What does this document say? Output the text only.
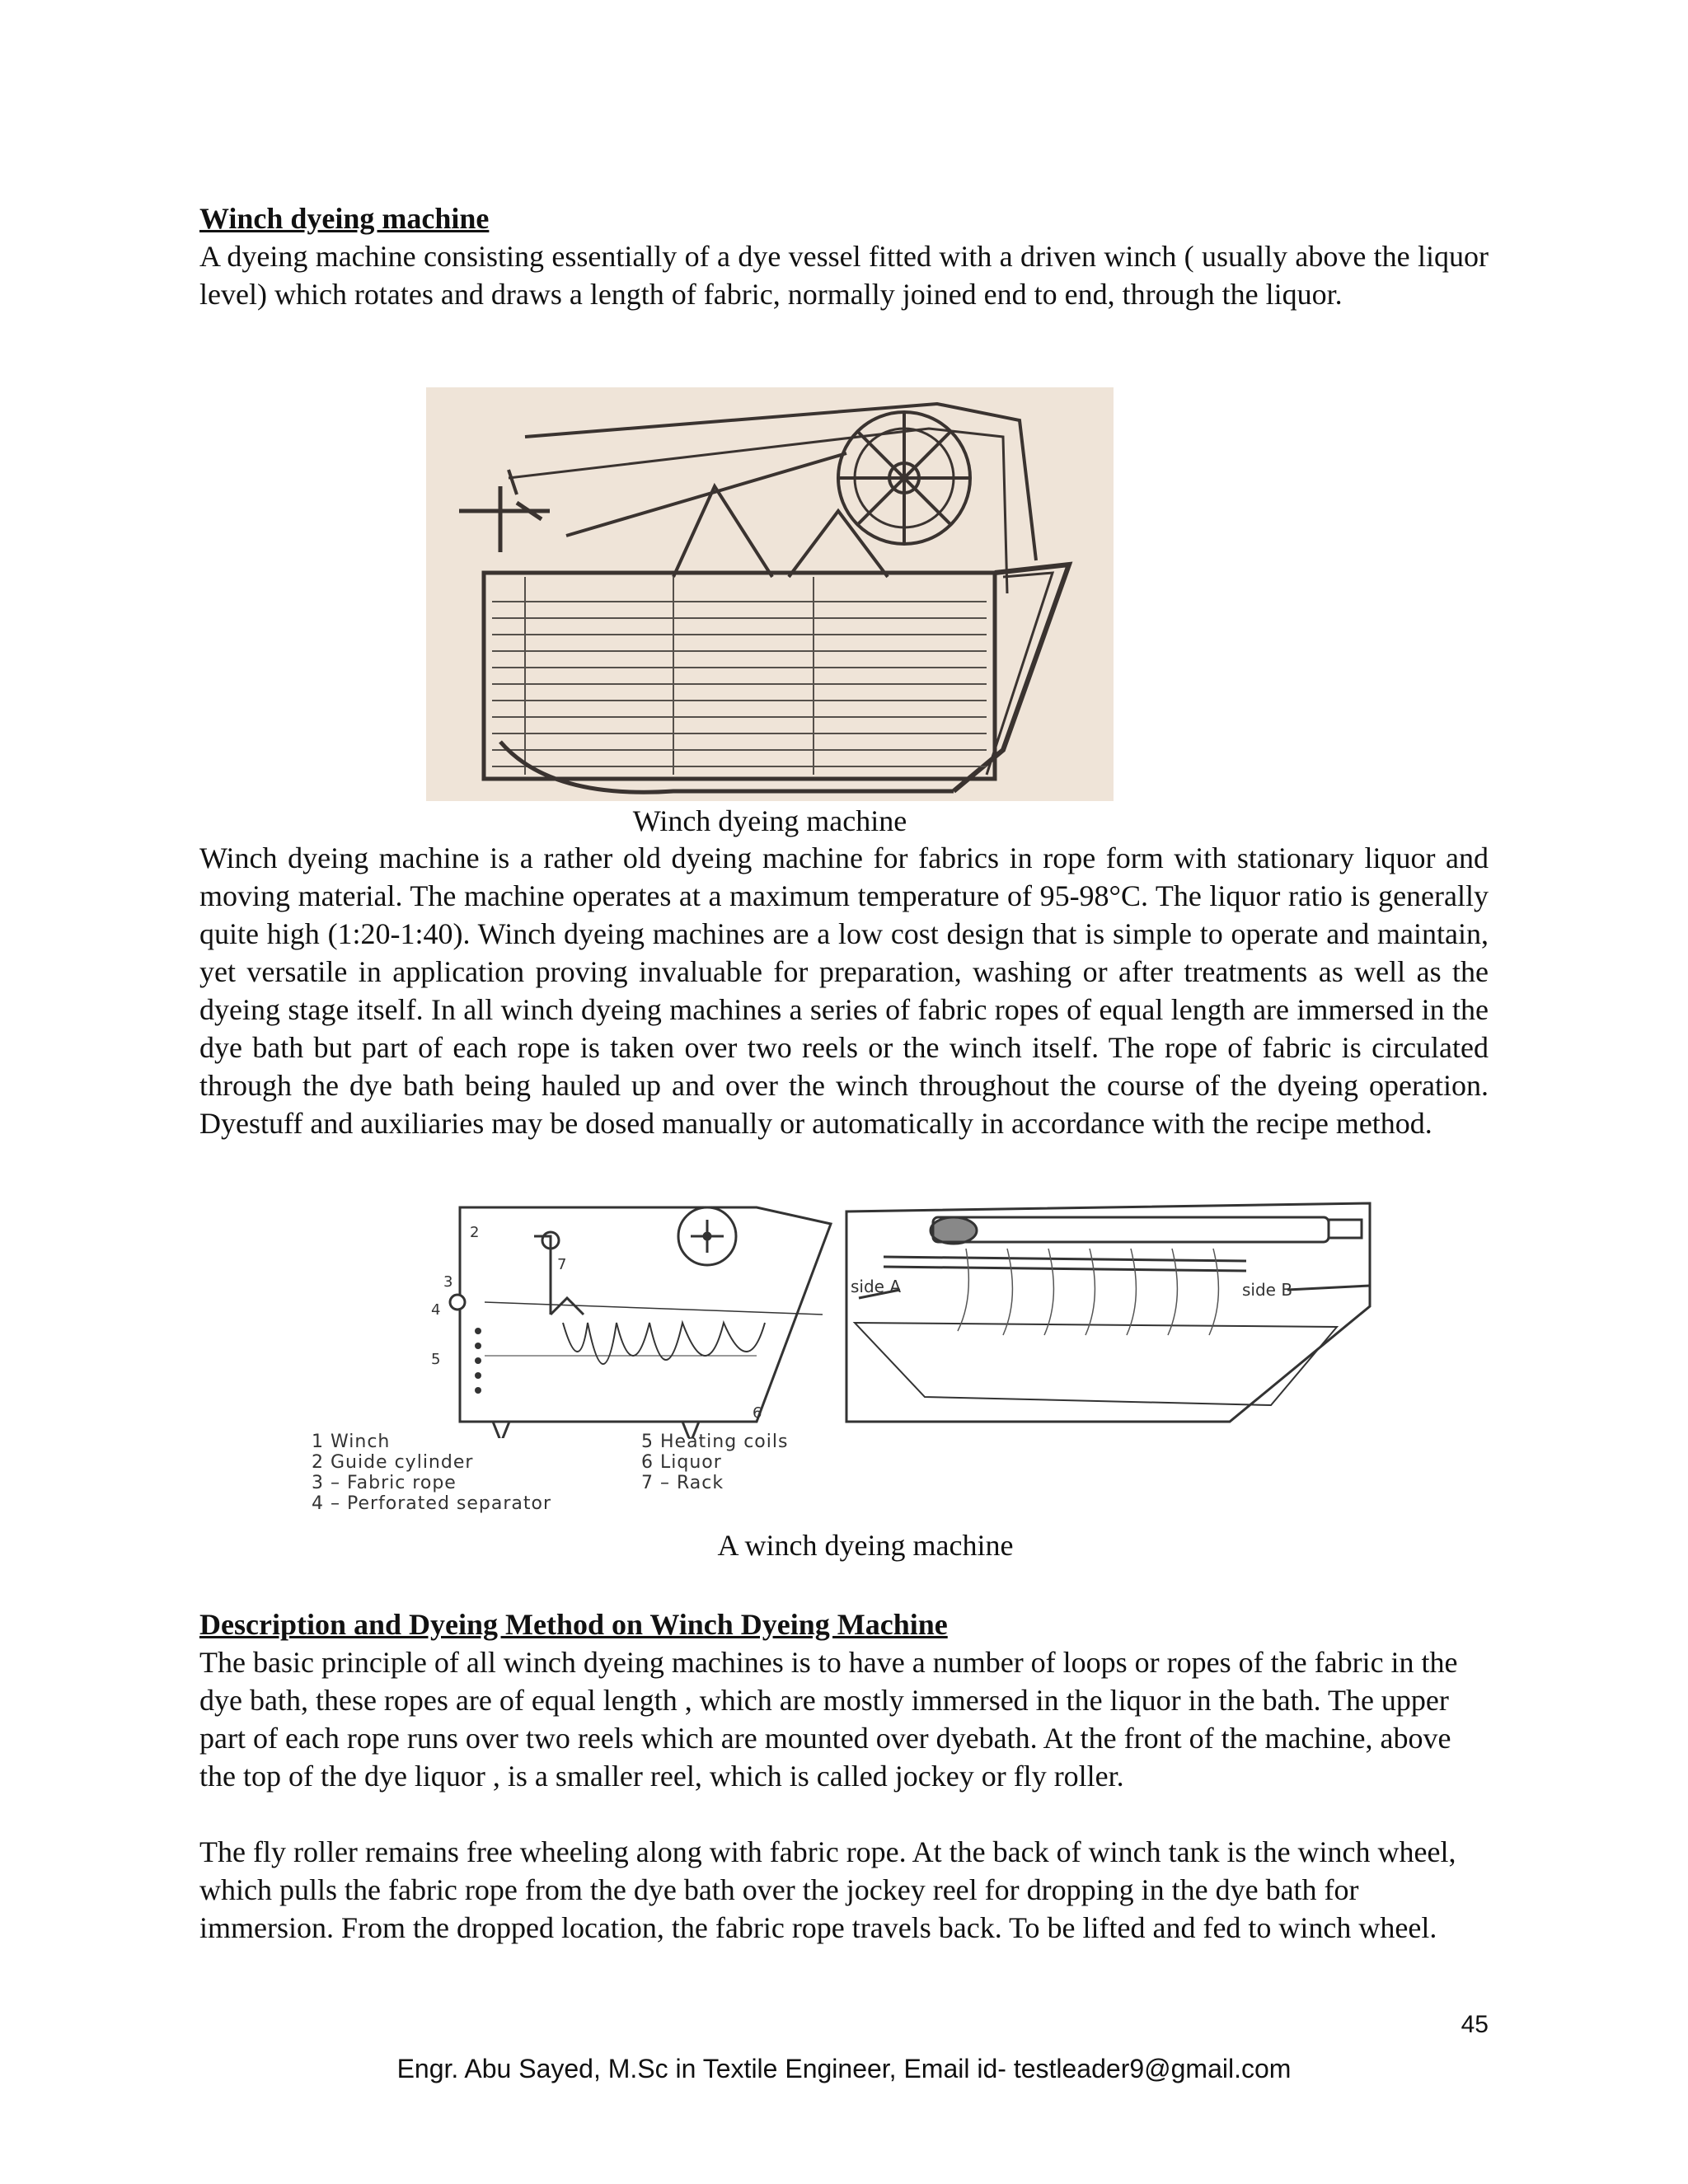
Winch dyeing machine

A dyeing machine consisting essentially of a dye vessel fitted with a driven winch ( usually above the liquor level) which rotates and draws a length of fabric, normally joined end to end, through the liquor.

Winch dyeing machine

Winch dyeing machine is a rather old dyeing machine for fabrics in rope form with stationary liquor and moving material. The machine operates at a maximum temperature of 95-98°C. The liquor ratio is generally quite high (1:20-1:40). Winch dyeing machines are a low cost design that is simple to operate and maintain, yet versatile in application proving invaluable for preparation, washing or after treatments as well as the dyeing stage itself. In all winch dyeing machines a series of fabric ropes of equal length are immersed in the dye bath but part of each rope is taken over two reels or the winch itself. The rope of fabric is circulated through the dye bath being hauled up and over the winch throughout the course of the dyeing operation. Dyestuff and auxiliaries may be dosed manually or automatically in accordance with the recipe method.

2
3
4
5
7
6
side A	side B
1 Winch
2 Guide cylinder
3 – Fabric rope
4 – Perforated separator
5 Heating coils
6 Liquor
7 – Rack

A winch dyeing machine

Description and Dyeing Method on Winch Dyeing Machine

The basic principle of all winch dyeing machines is to have a number of loops or ropes of the fabric in the dye bath, these ropes are of equal length , which are mostly immersed in the liquor in the bath. The upper part of each rope runs over two reels which are mounted over dyebath. At the front of the machine, above the top of the dye liquor , is a smaller reel, which is called jockey or fly roller.

The fly roller remains free wheeling along with fabric rope. At the back of winch tank is the winch wheel, which pulls the fabric rope from the dye bath over the jockey reel for dropping in the dye bath for immersion. From the dropped location, the fabric rope travels back. To be lifted and fed to winch wheel.

45
Engr. Abu Sayed, M.Sc in Textile Engineer, Email id- testleader9@gmail.com
